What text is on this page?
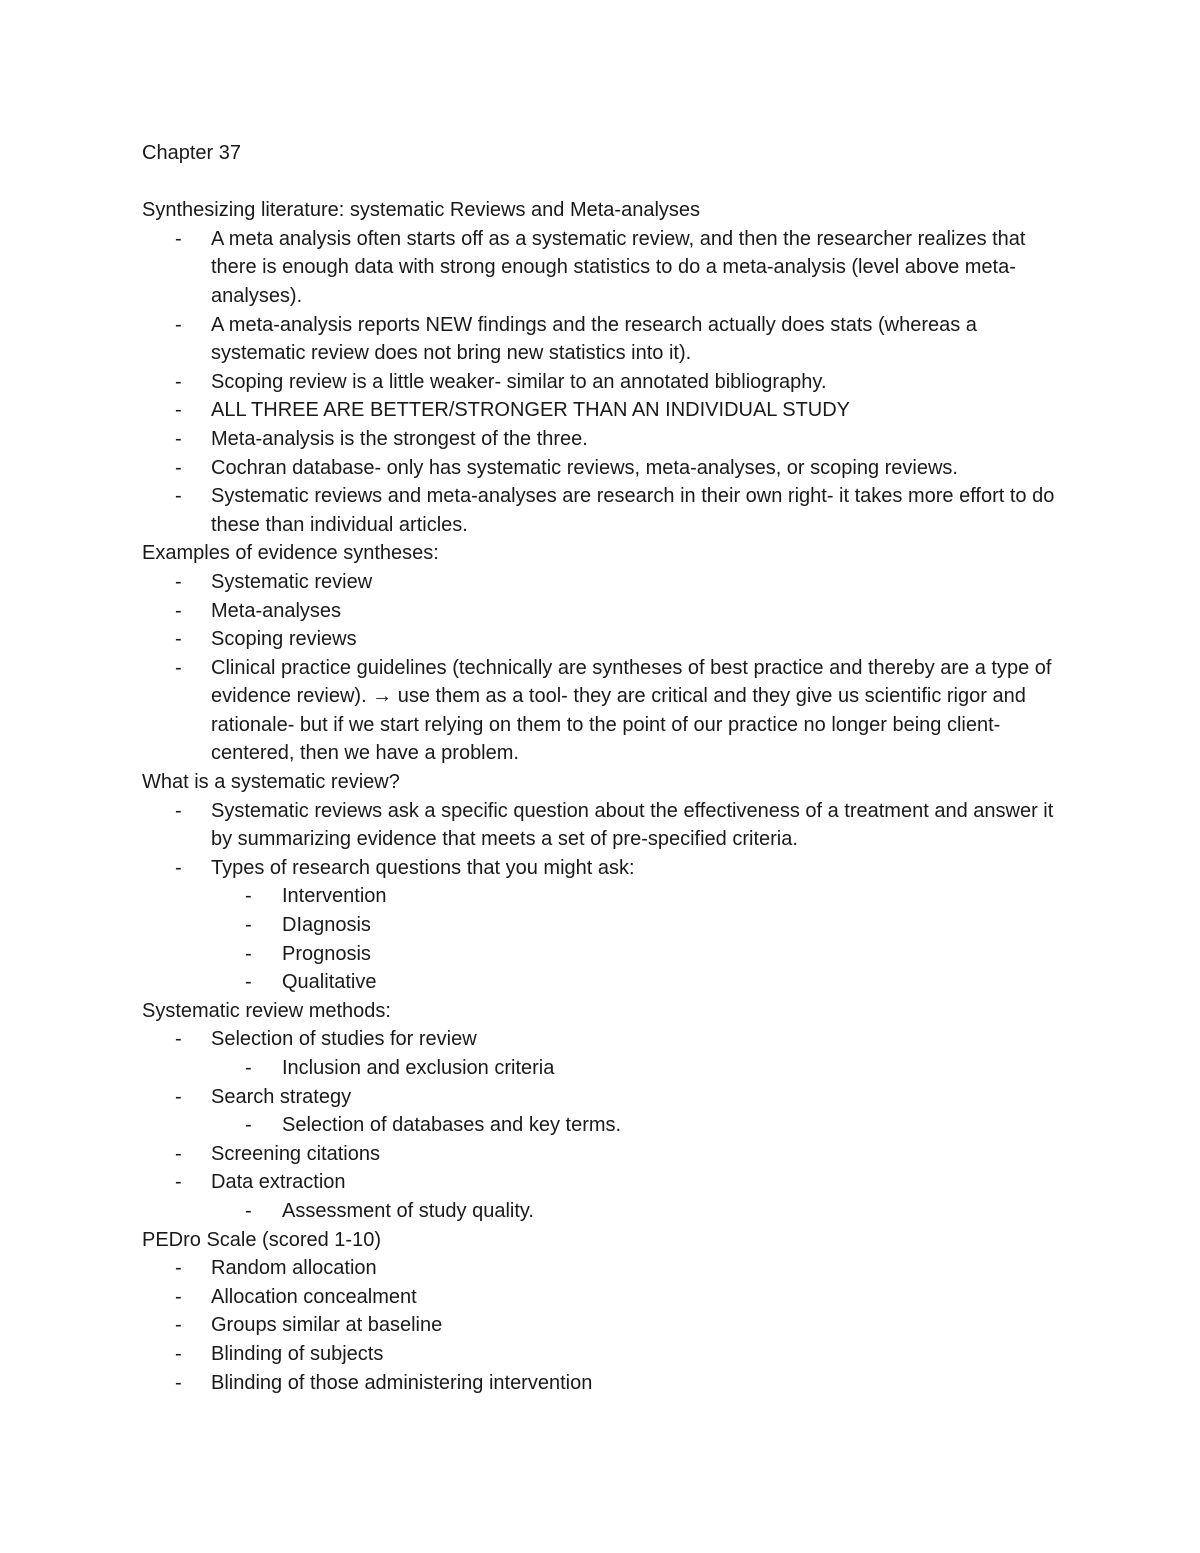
Chapter 37

Synthesizing literature: systematic Reviews and Meta-analyses

- A meta analysis often starts off as a systematic review, and then the researcher realizes that there is enough data with strong enough statistics to do a meta-analysis (level above meta-analyses).
- A meta-analysis reports NEW findings and the research actually does stats (whereas a systematic review does not bring new statistics into it).
- Scoping review is a little weaker- similar to an annotated bibliography.
- ALL THREE ARE BETTER/STRONGER THAN AN INDIVIDUAL STUDY
- Meta-analysis is the strongest of the three.
- Cochran database- only has systematic reviews, meta-analyses, or scoping reviews.
- Systematic reviews and meta-analyses are research in their own right- it takes more effort to do these than individual articles.

Examples of evidence syntheses:

- Systematic review
- Meta-analyses
- Scoping reviews
- Clinical practice guidelines (technically are syntheses of best practice and thereby are a type of evidence review). → use them as a tool- they are critical and they give us scientific rigor and rationale- but if we start relying on them to the point of our practice no longer being client-centered, then we have a problem.

What is a systematic review?

- Systematic reviews ask a specific question about the effectiveness of a treatment and answer it by summarizing evidence that meets a set of pre-specified criteria.
- Types of research questions that you might ask:
- Intervention
- DIagnosis
- Prognosis
- Qualitative

Systematic review methods:

- Selection of studies for review
- Inclusion and exclusion criteria
- Search strategy
- Selection of databases and key terms.
- Screening citations
- Data extraction
- Assessment of study quality.

PEDro Scale (scored 1-10)

- Random allocation
- Allocation concealment
- Groups similar at baseline
- Blinding of subjects
- Blinding of those administering intervention
